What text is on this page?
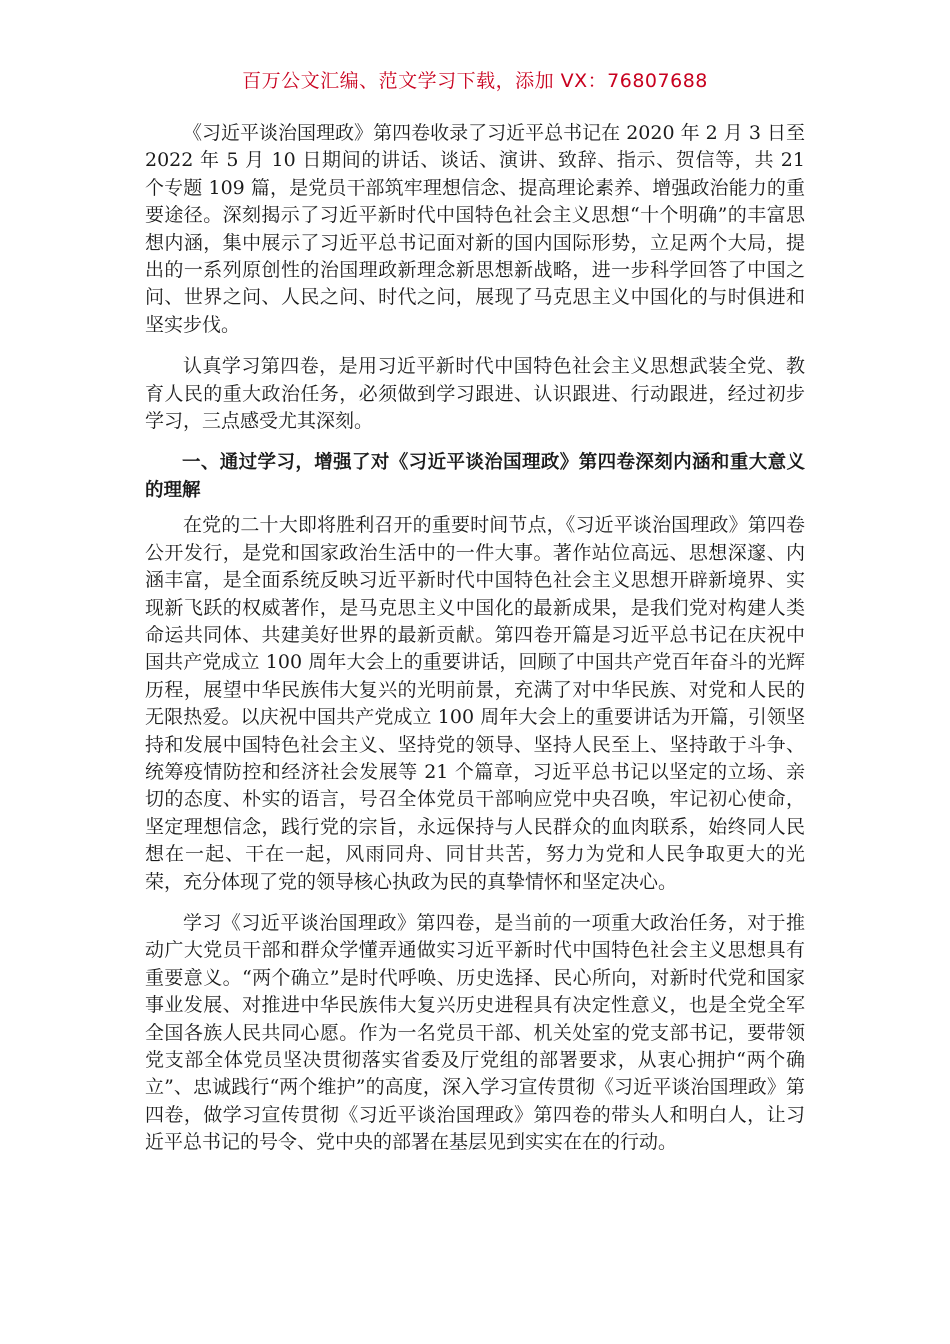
百万公文汇编、范文学习下载，添加 VX：76807688

《习近平谈治国理政》第四卷收录了习近平总书记在 2020 年 2 月 3 日至 2022 年 5 月 10 日期间的讲话、谈话、演讲、致辞、指示、贺信等，共 21 个专题 109 篇，是党员干部筑牢理想信念、提高理论素养、增强政治能力的重要途径。深刻揭示了习近平新时代中国特色社会主义思想“十个明确”的丰富思想内涵，集中展示了习近平总书记面对新的国内国际形势，立足两个大局，提出的一系列原创性的治国理政新理念新思想新战略，进一步科学回答了中国之问、世界之问、人民之问、时代之问，展现了马克思主义中国化的与时俱进和坚实步伐。

认真学习第四卷，是用习近平新时代中国特色社会主义思想武装全党、教育人民的重大政治任务，必须做到学习跟进、认识跟进、行动跟进，经过初步学习，三点感受尤其深刻。

一、通过学习，增强了对《习近平谈治国理政》第四卷深刻内涵和重大意义的理解

在党的二十大即将胜利召开的重要时间节点，《习近平谈治国理政》第四卷公开发行，是党和国家政治生活中的一件大事。著作站位高远、思想深邃、内涵丰富，是全面系统反映习近平新时代中国特色社会主义思想开辟新境界、实现新飞跃的权威著作，是马克思主义中国化的最新成果，是我们党对构建人类命运共同体、共建美好世界的最新贡献。第四卷开篇是习近平总书记在庆祝中国共产党成立 100 周年大会上的重要讲话，回顾了中国共产党百年奋斗的光辉历程，展望中华民族伟大复兴的光明前景，充满了对中华民族、对党和人民的无限热爱。以庆祝中国共产党成立 100 周年大会上的重要讲话为开篇，引领坚持和发展中国特色社会主义、坚持党的领导、坚持人民至上、坚持敢于斗争、统筹疫情防控和经济社会发展等 21 个篇章，习近平总书记以坚定的立场、亲切的态度、朴实的语言，号召全体党员干部响应党中央召唤，牢记初心使命，坚定理想信念，践行党的宗旨，永远保持与人民群众的血肉联系，始终同人民想在一起、干在一起，风雨同舟、同甘共苦，努力为党和人民争取更大的光荣，充分体现了党的领导核心执政为民的真挚情怀和坚定决心。

学习《习近平谈治国理政》第四卷，是当前的一项重大政治任务，对于推动广大党员干部和群众学懂弄通做实习近平新时代中国特色社会主义思想具有重要意义。“两个确立”是时代呼唤、历史选择、民心所向，对新时代党和国家事业发展、对推进中华民族伟大复兴历史进程具有决定性意义，也是全党全军全国各族人民共同心愿。作为一名党员干部、机关处室的党支部书记，要带领党支部全体党员坚决贯彻落实省委及厅党组的部署要求，从衷心拥护“两个确立”、忠诚践行“两个维护”的高度，深入学习宣传贯彻《习近平谈治国理政》第四卷，做学习宣传贯彻《习近平谈治国理政》第四卷的带头人和明白人，让习近平总书记的号令、党中央的部署在基层见到实实在在的行动。
